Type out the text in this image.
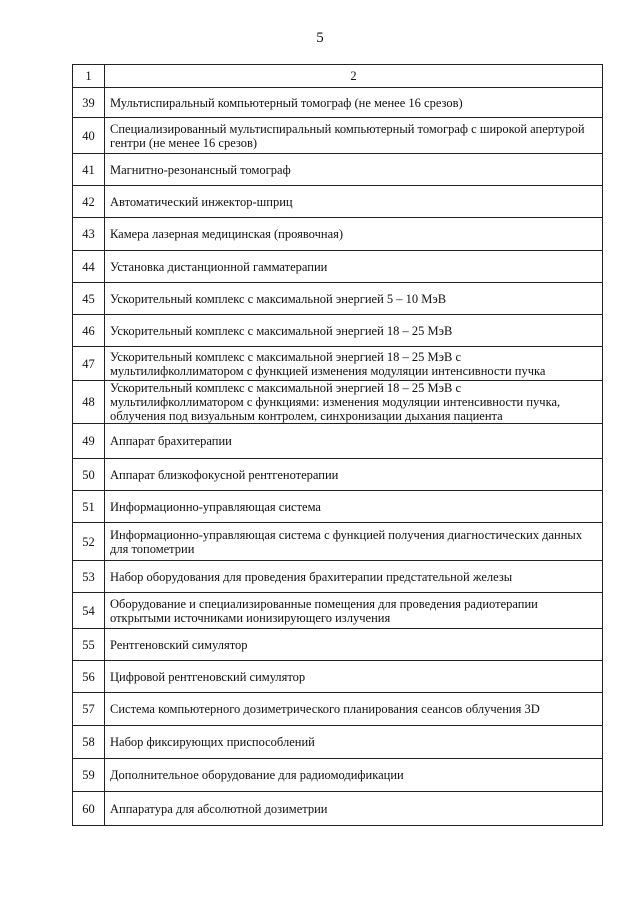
5
1	2
39	Мультиспиральный компьютерный томограф (не менее 16 срезов)
40	Специализированный мультиспиральный компьютерный томограф с широкой апертурой гентри (не менее 16 срезов)
41	Магнитно-резонансный томограф
42	Автоматический инжектор-шприц
43	Камера лазерная медицинская (проявочная)
44	Установка дистанционной гамматерапии
45	Ускорительный комплекс с максимальной энергией 5 – 10 МэВ
46	Ускорительный комплекс с максимальной энергией 18 – 25 МэВ
47	Ускорительный комплекс с максимальной энергией 18 – 25 МэВ с мультилифколлиматором с функцией изменения модуляции интенсивности пучка
48	Ускорительный комплекс с максимальной энергией 18 – 25 МэВ с мультилифколлиматором с функциями: изменения модуляции интенсивности пучка, облучения под визуальным контролем, синхронизации дыхания пациента
49	Аппарат брахитерапии
50	Аппарат близкофокусной рентгенотерапии
51	Информационно-управляющая система
52	Информационно-управляющая система с функцией получения диагностических данных для топометрии
53	Набор оборудования для проведения брахитерапии предстательной железы
54	Оборудование и специализированные помещения для проведения радиотерапии открытыми источниками ионизирующего излучения
55	Рентгеновский симулятор
56	Цифровой рентгеновский симулятор
57	Система компьютерного дозиметрического планирования сеансов облучения 3D
58	Набор фиксирующих приспособлений
59	Дополнительное оборудование для радиомодификации
60	Аппаратура для абсолютной дозиметрии
